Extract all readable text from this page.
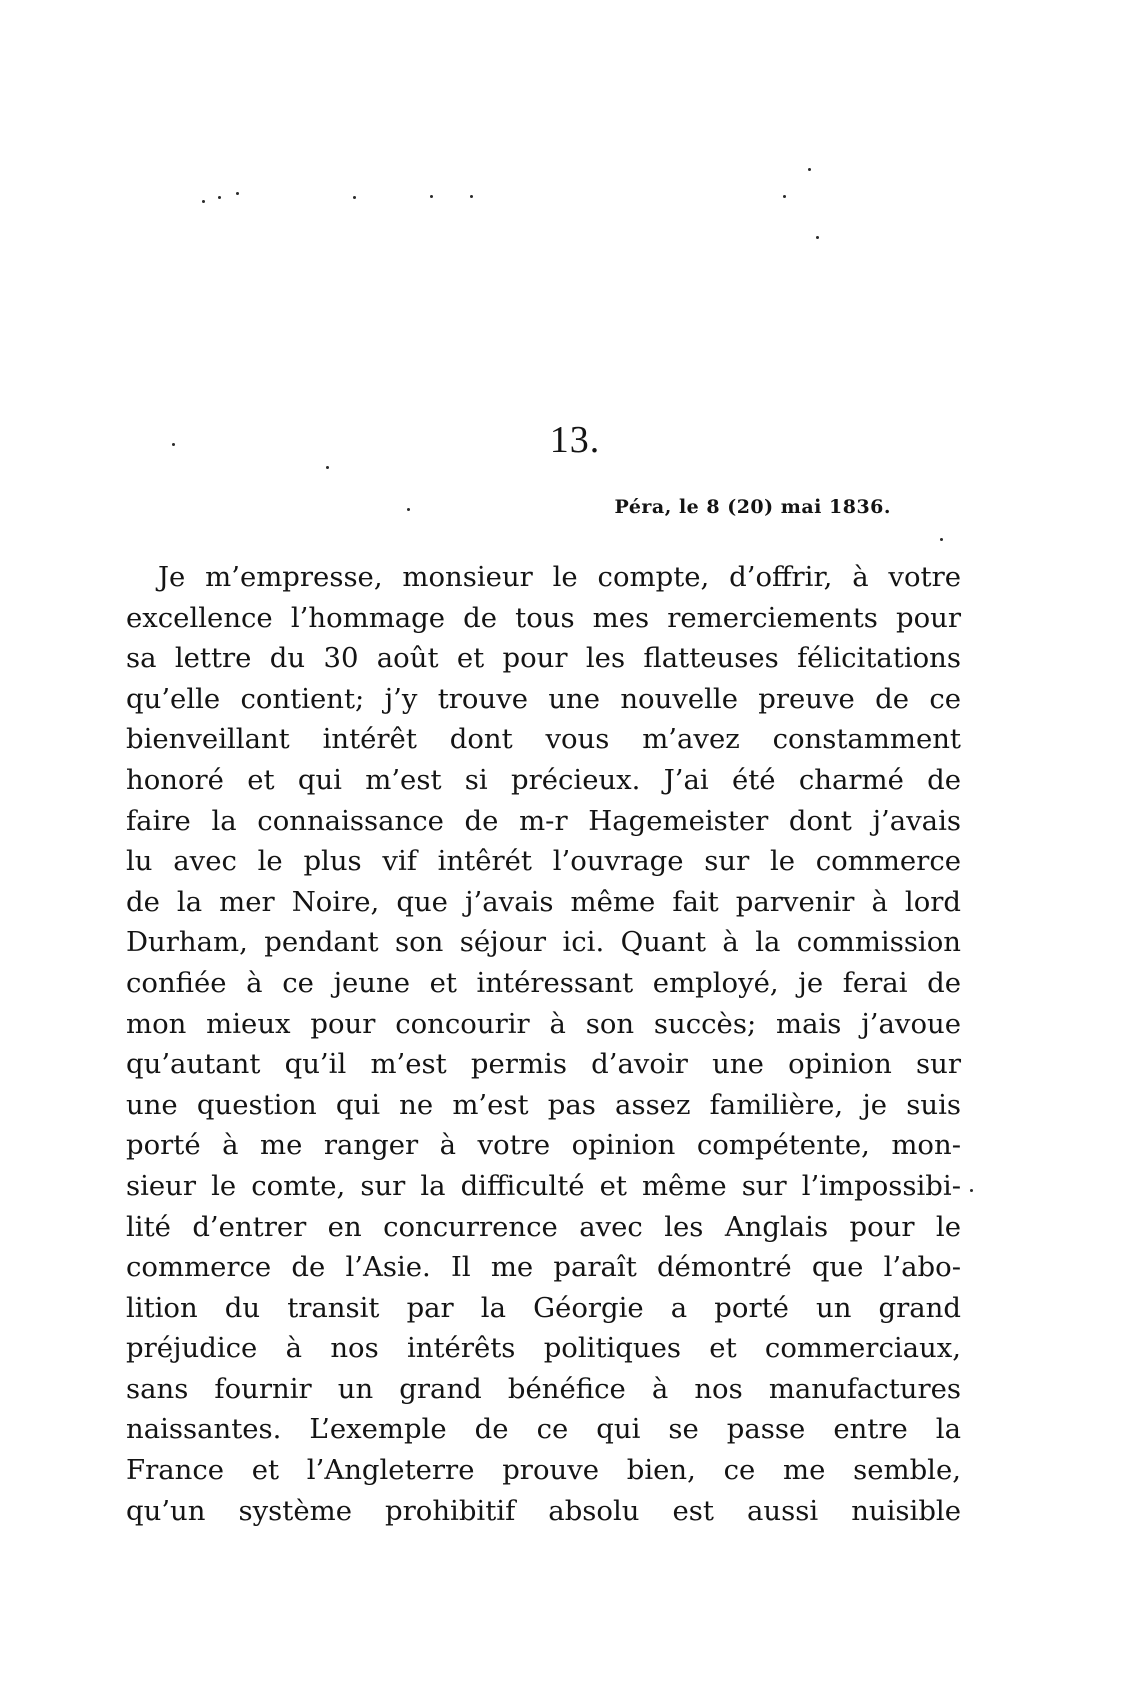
13.
Péra, le 8 (20) mai 1836.
Je m’empresse, monsieur le compte, d’offrir, à votre
excellence l’hommage de tous mes remerciements pour
sa lettre du 30 août et pour les flatteuses félicitations
qu’elle contient; j’y trouve une nouvelle preuve de ce
bienveillant intérêt dont vous m’avez constamment
honoré et qui m’est si précieux. J’ai été charmé de
faire la connaissance de m-r Hagemeister dont j’avais
lu avec le plus vif intêrét l’ouvrage sur le commerce
de la mer Noire, que j’avais même fait parvenir à lord
Durham, pendant son séjour ici. Quant à la commission
confiée à ce jeune et intéressant employé, je ferai de
mon mieux pour concourir à son succès; mais j’avoue
qu’autant qu’il m’est permis d’avoir une opinion sur
une question qui ne m’est pas assez familière, je suis
porté à me ranger à votre opinion compétente, mon-
sieur le comte, sur la difficulté et même sur l’impossibi-
lité d’entrer en concurrence avec les Anglais pour le
commerce de l’Asie. Il me paraît démontré que l’abo-
lition du transit par la Géorgie a porté un grand
préjudice à nos intérêts politiques et commerciaux,
sans fournir un grand bénéfice à nos manufactures
naissantes. L’exemple de ce qui se passe entre la
France et l’Angleterre prouve bien, ce me semble,
qu’un système prohibitif absolu est aussi nuisible
